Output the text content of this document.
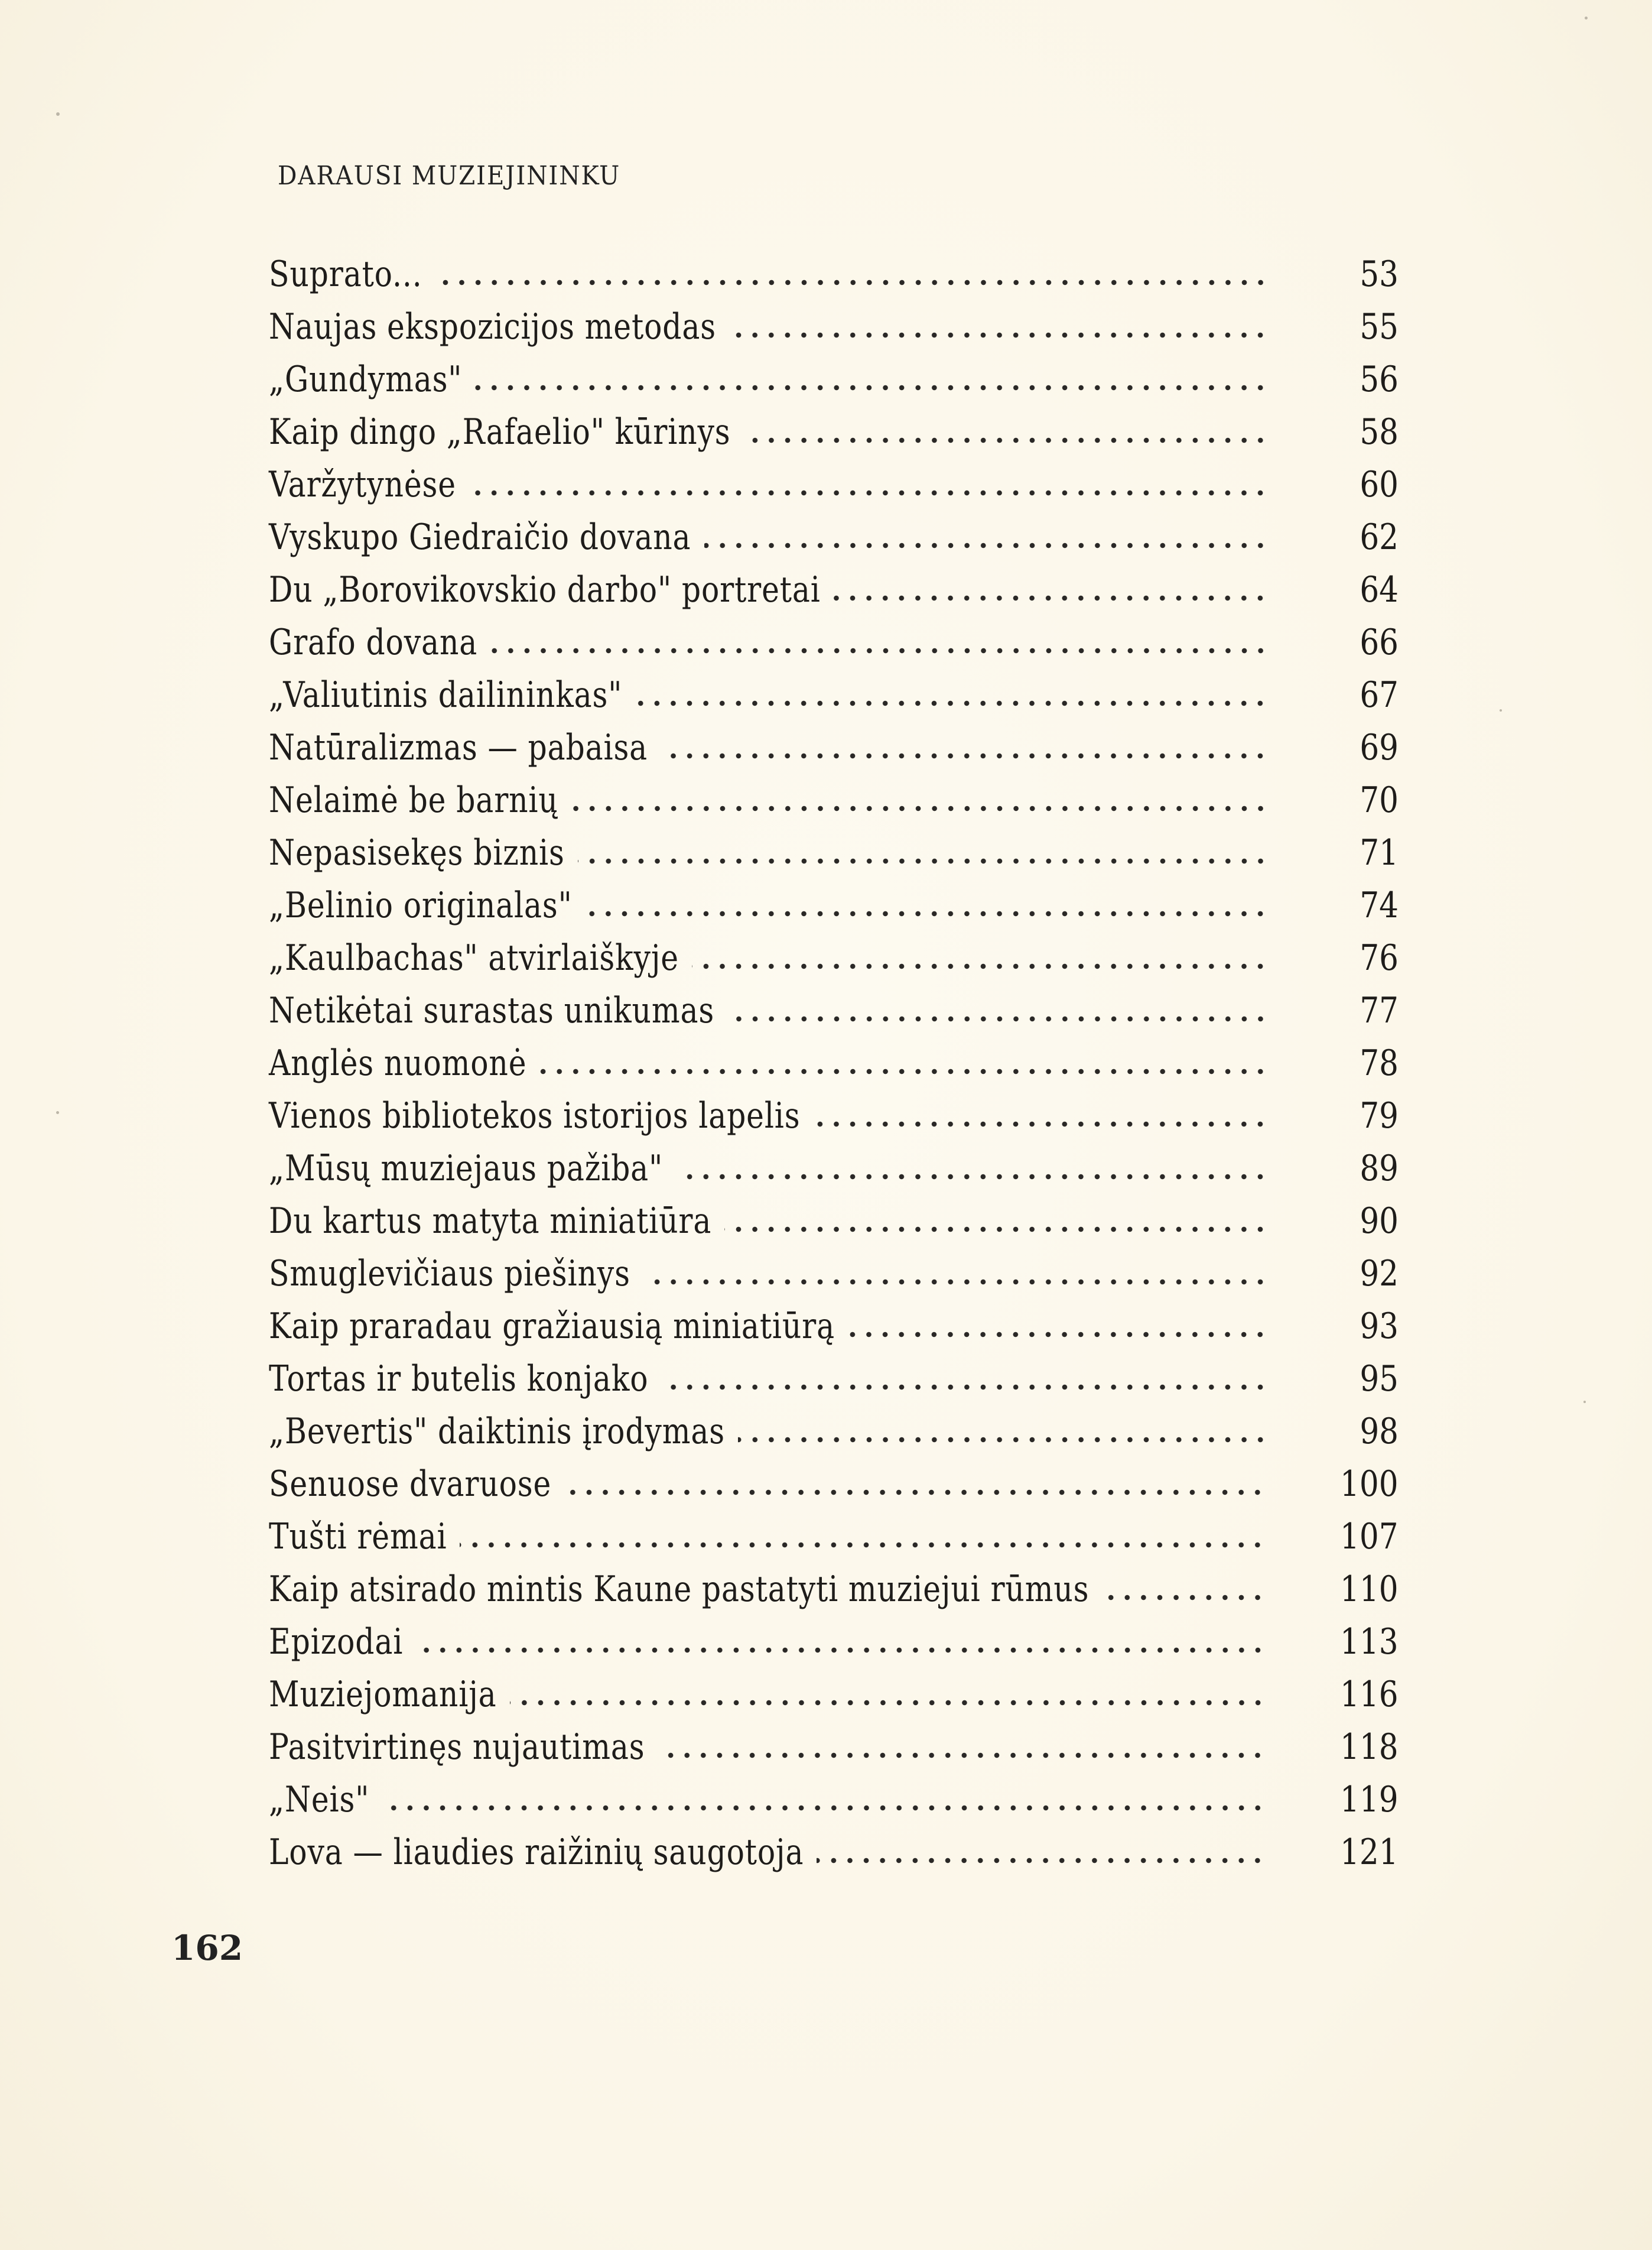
DARAUSI MUZIEJININKU
Suprato...	53
Naujas ekspozicijos metodas	55
„Gundymas"	56
Kaip dingo „Rafaelio" kūrinys	58
Varžytynėse	60
Vyskupo Giedraičio dovana	62
Du „Borovikovskio darbo" portretai	64
Grafo dovana	66
„Valiutinis dailininkas"	67
Natūralizmas — pabaisa	69
Nelaimė be barnių	70
Nepasisekęs biznis	71
„Belinio originalas"	74
„Kaulbachas" atvirlaiškyje	76
Netikėtai surastas unikumas	77
Anglės nuomonė	78
Vienos bibliotekos istorijos lapelis	79
„Mūsų muziejaus pažiba"	89
Du kartus matyta miniatiūra	90
Smuglevičiaus piešinys	92
Kaip praradau gražiausią miniatiūrą	93
Tortas ir butelis konjako	95
„Bevertis" daiktinis įrodymas	98
Senuose dvaruose	100
Tušti rėmai	107
Kaip atsirado mintis Kaune pastatyti muziejui rūmus	110
Epizodai	113
Muziejomanija	116
Pasitvirtinęs nujautimas	118
„Neis"	119
Lova — liaudies raižinių saugotoja	121
162
